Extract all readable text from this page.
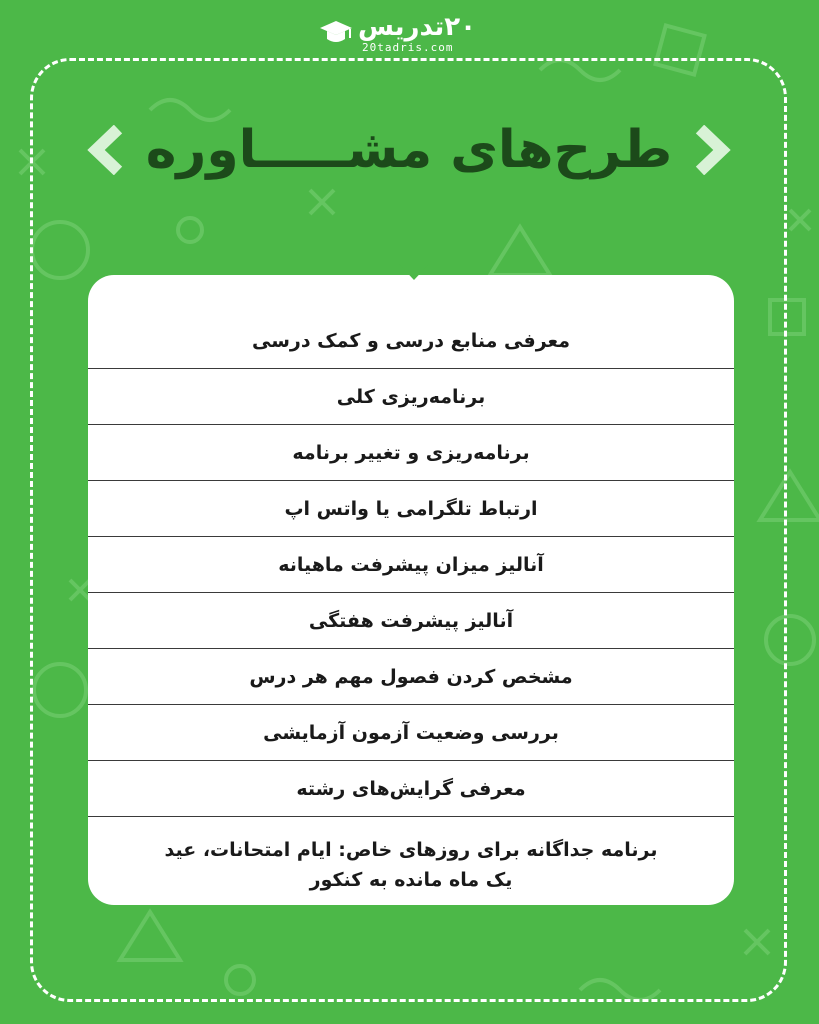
۲۰تدریس
20tadris.com
طرح‌های مشـــــاوره
معرفی منابع درسی و کمک درسی
برنامه‌ریزی کلی
برنامه‌ریزی و تغییر برنامه
ارتباط تلگرامی یا واتس اپ
آنالیز میزان پیشرفت ماهیانه
آنالیز پیشرفت هفتگی
مشخص کردن فصول مهم هر درس
بررسی وضعیت آزمون آزمایشی
معرفی گرایش‌های رشته
برنامه جداگانه برای روزهای خاص: ایام امتحانات، عید
یک ماه مانده به کنکور
